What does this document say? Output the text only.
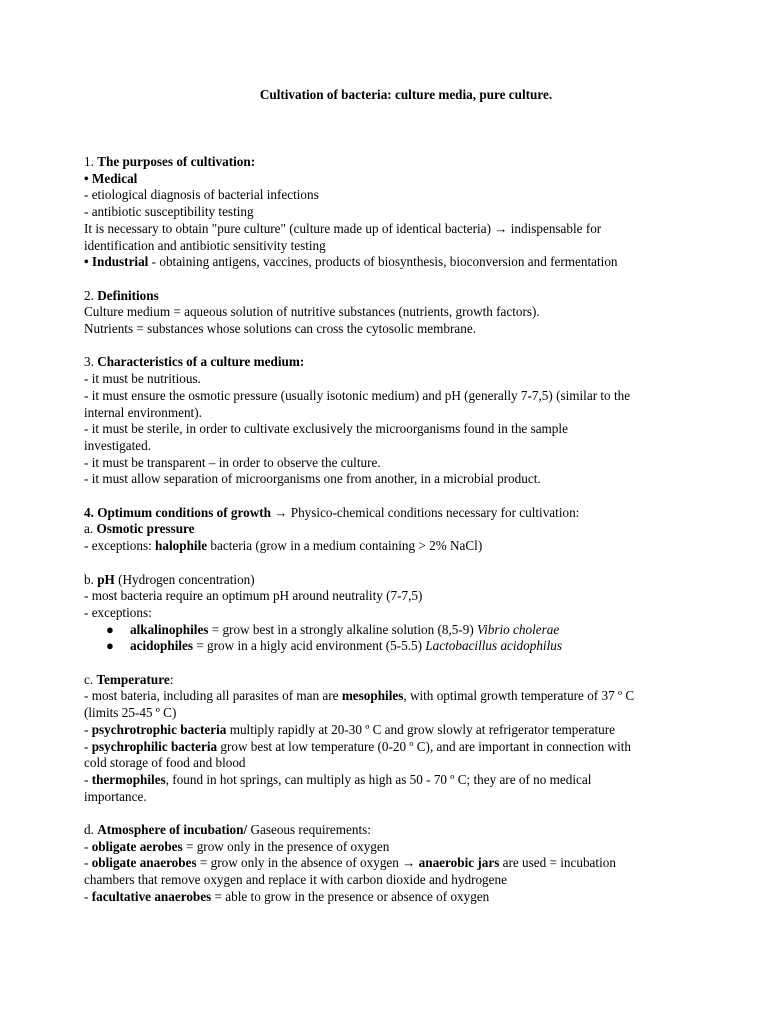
Cultivation of bacteria: culture media, pure culture.
1. The purposes of cultivation:
• Medical
- etiological diagnosis of bacterial infections
- antibiotic susceptibility testing
It is necessary to obtain "pure culture" (culture made up of identical bacteria) → indispensable for
identification and antibiotic sensitivity testing
• Industrial - obtaining antigens, vaccines, products of biosynthesis, bioconversion and fermentation
2. Definitions
Culture medium = aqueous solution of nutritive substances (nutrients, growth factors).
Nutrients = substances whose solutions can cross the cytosolic membrane.
3. Characteristics of a culture medium:
- it must be nutritious.
- it must ensure the osmotic pressure (usually isotonic medium) and pH (generally 7-7,5) (similar to the
internal environment).
- it must be sterile, in order to cultivate exclusively the microorganisms found in the sample
investigated.
- it must be transparent – in order to observe the culture.
- it must allow separation of microorganisms one from another, in a microbial product.
4. Optimum conditions of growth → Physico-chemical conditions necessary for cultivation:
a. Osmotic pressure
- exceptions: halophile bacteria (grow in a medium containing > 2% NaCl)
b. pH (Hydrogen concentration)
- most bacteria require an optimum pH around neutrality (7-7,5)
- exceptions:
● alkalinophiles = grow best in a strongly alkaline solution (8,5-9) Vibrio cholerae
● acidophiles = grow in a higly acid environment (5-5.5) Lactobacillus acidophilus
c. Temperature:
- most bateria, including all parasites of man are mesophiles, with optimal growth temperature of 37 º C
(limits 25-45 º C)
- psychrotrophic bacteria multiply rapidly at 20-30 º C and grow slowly at refrigerator temperature
- psychrophilic bacteria grow best at low temperature (0-20 º C), and are important in connection with
cold storage of food and blood
- thermophiles, found in hot springs, can multiply as high as 50 - 70 º C; they are of no medical
importance.
d. Atmosphere of incubation/ Gaseous requirements:
- obligate aerobes = grow only in the presence of oxygen
- obligate anaerobes = grow only in the absence of oxygen → anaerobic jars are used = incubation
chambers that remove oxygen and replace it with carbon dioxide and hydrogene
- facultative anaerobes = able to grow in the presence or absence of oxygen
